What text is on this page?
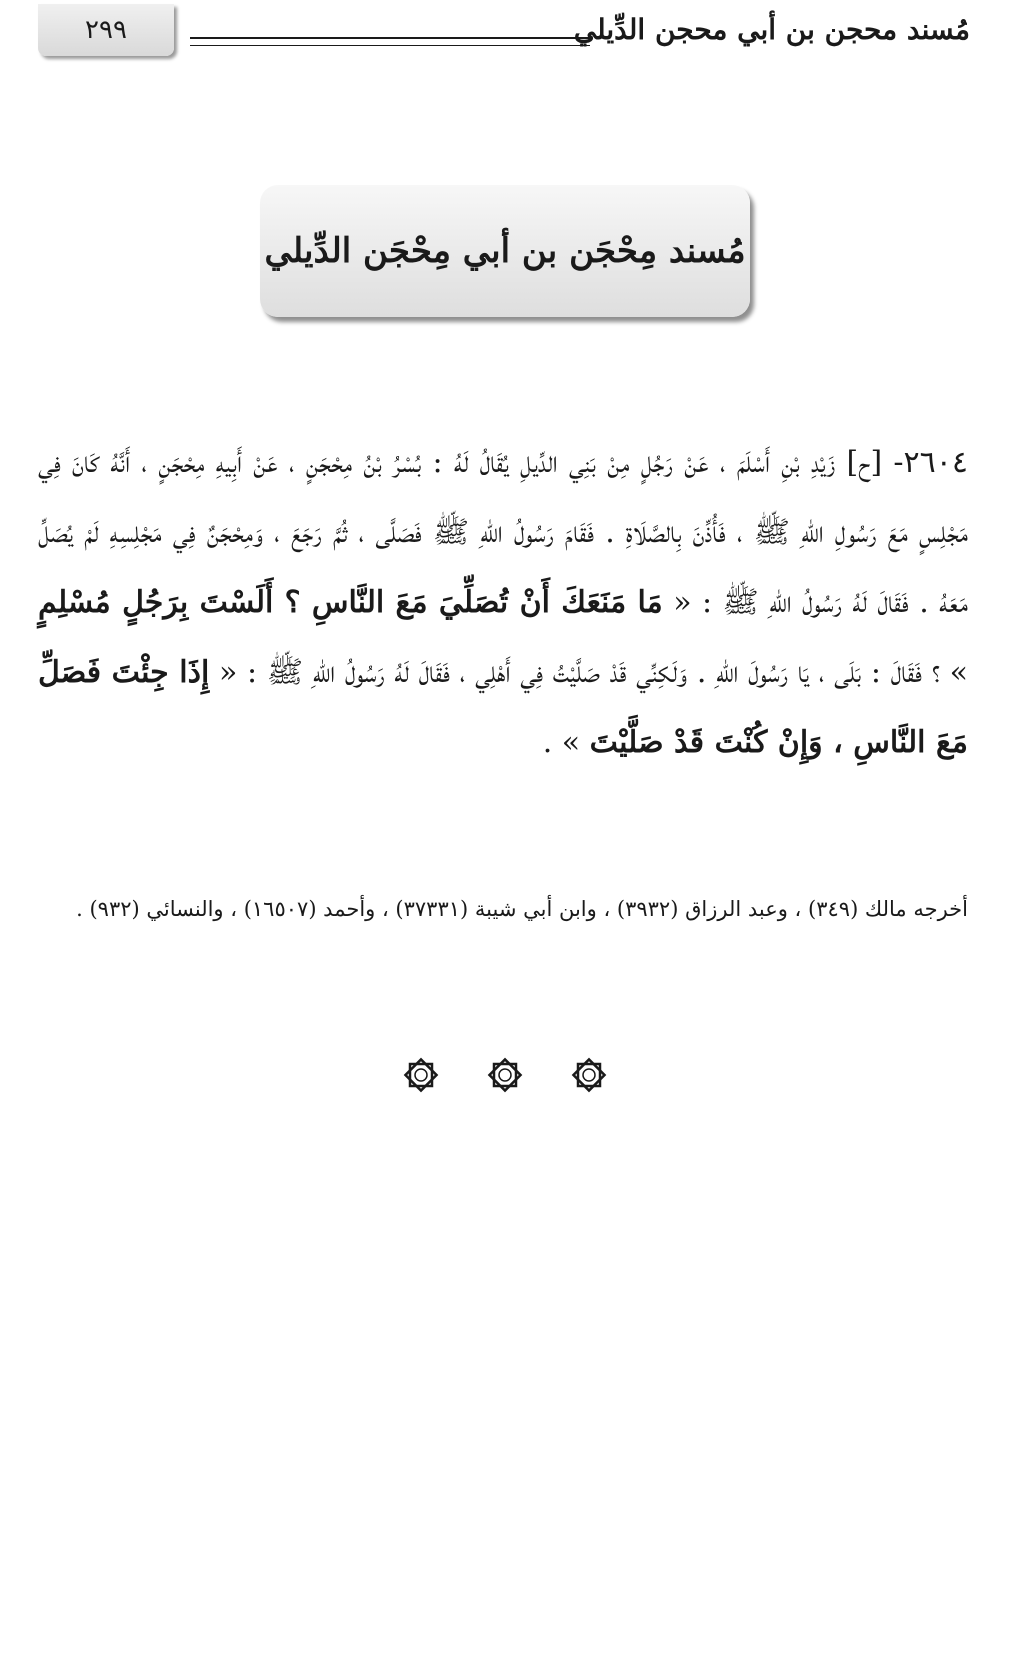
٢٩٩	مُسند محجن بن أبي محجن الدِّيلي
مُسند مِحْجَن بن أبي مِحْجَن الدِّيلي
٢٦٠٤- [ح] زَيْدِ بْنِ أَسْلَمَ ، عَنْ رَجُلٍ مِنْ بَنِي الدِّيلِ يُقَالُ لَهُ : بُسْرُ بْنُ مِحْجَنٍ ، عَنْ أَبِيهِ مِحْجَنٍ ، أَنَّهُ كَانَ فِي مَجْلِسٍ مَعَ رَسُولِ اللهِ ﷺ ، فَأُذِّنَ بِالصَّلَاةِ . فَقَامَ رَسُولُ اللهِ ﷺ فَصَلَّى ، ثُمَّ رَجَعَ ، وَمِحْجَنٌ فِي مَجْلِسِهِ لَمْ يُصَلِّ مَعَهُ . فَقَالَ لَهُ رَسُولُ اللهِ ﷺ : « مَا مَنَعَكَ أَنْ تُصَلِّيَ مَعَ النَّاسِ ؟ أَلَسْتَ بِرَجُلٍ مُسْلِمٍ » ؟ فَقَالَ : بَلَى ، يَا رَسُولَ اللهِ . وَلَكِنِّي قَدْ صَلَّيْتُ فِي أَهْلِي ، فَقَالَ لَهُ رَسُولُ اللهِ ﷺ : « إِذَا جِئْتَ فَصَلِّ مَعَ النَّاسِ ، وَإِنْ كُنْتَ قَدْ صَلَّيْتَ » .
أخرجه مالك (٣٤٩) ، وعبد الرزاق (٣٩٣٢) ، وابن أبي شيبة (٣٧٣٣١) ، وأحمد (١٦٥٠٧) ، والنسائي (٩٣٢) .
